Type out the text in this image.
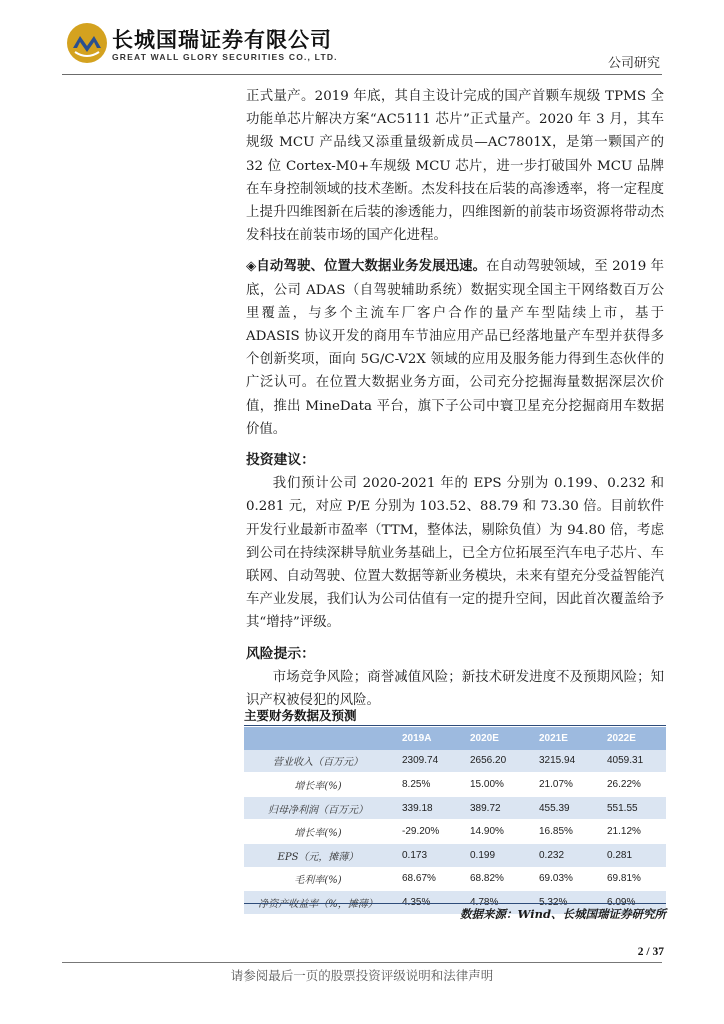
长城国瑞证券有限公司
GREAT WALL GLORY SECURITIES CO., LTD.	公司研究

正式量产。2019 年底，其自主设计完成的国产首颗车规级 TPMS 全功能单芯片解决方案“AC5111 芯片”正式量产。2020 年 3 月，其车规级 MCU 产品线又添重量级新成员—AC7801X，是第一颗国产的 32 位 Cortex-M0+车规级 MCU 芯片，进一步打破国外 MCU 品牌在车身控制领域的技术垄断。杰发科技在后装的高渗透率，将一定程度上提升四维图新在后装的渗透能力，四维图新的前装市场资源将带动杰发科技在前装市场的国产化进程。

◈自动驾驶、位置大数据业务发展迅速。在自动驾驶领域，至 2019 年底，公司 ADAS（自驾驶辅助系统）数据实现全国主干网络数百万公里覆盖，与多个主流车厂客户合作的量产车型陆续上市，基于 ADASIS 协议开发的商用车节油应用产品已经落地量产车型并获得多个创新奖项，面向 5G/C-V2X 领域的应用及服务能力得到生态伙伴的广泛认可。在位置大数据业务方面，公司充分挖掘海量数据深层次价值，推出 MineData 平台，旗下子公司中寰卫星充分挖掘商用车数据价值。

投资建议：

我们预计公司 2020-2021 年的 EPS 分别为 0.199、0.232 和 0.281 元，对应 P/E 分别为 103.52、88.79 和 73.30 倍。目前软件开发行业最新市盈率（TTM，整体法，剔除负值）为 94.80 倍，考虑到公司在持续深耕导航业务基础上，已全方位拓展至汽车电子芯片、车联网、自动驾驶、位置大数据等新业务模块，未来有望充分受益智能汽车产业发展，我们认为公司估值有一定的提升空间，因此首次覆盖给予其“增持”评级。

风险提示：

市场竞争风险；商誉减值风险；新技术研发进度不及预期风险；知识产权被侵犯的风险。

主要财务数据及预测
	2019A	2020E	2021E	2022E
营业收入（百万元）	2309.74	2656.20	3215.94	4059.31
增长率(%)	8.25%	15.00%	21.07%	26.22%
归母净利润（百万元）	339.18	389.72	455.39	551.55
增长率(%)	-29.20%	14.90%	16.85%	21.12%
EPS（元，摊薄）	0.173	0.199	0.232	0.281
毛利率(%)	68.67%	68.82%	69.03%	69.81%
净资产收益率（%，摊薄）	4.35%	4.78%	5.32%	6.09%
数据来源：Wind、长城国瑞证券研究所
2 / 37
请参阅最后一页的股票投资评级说明和法律声明
